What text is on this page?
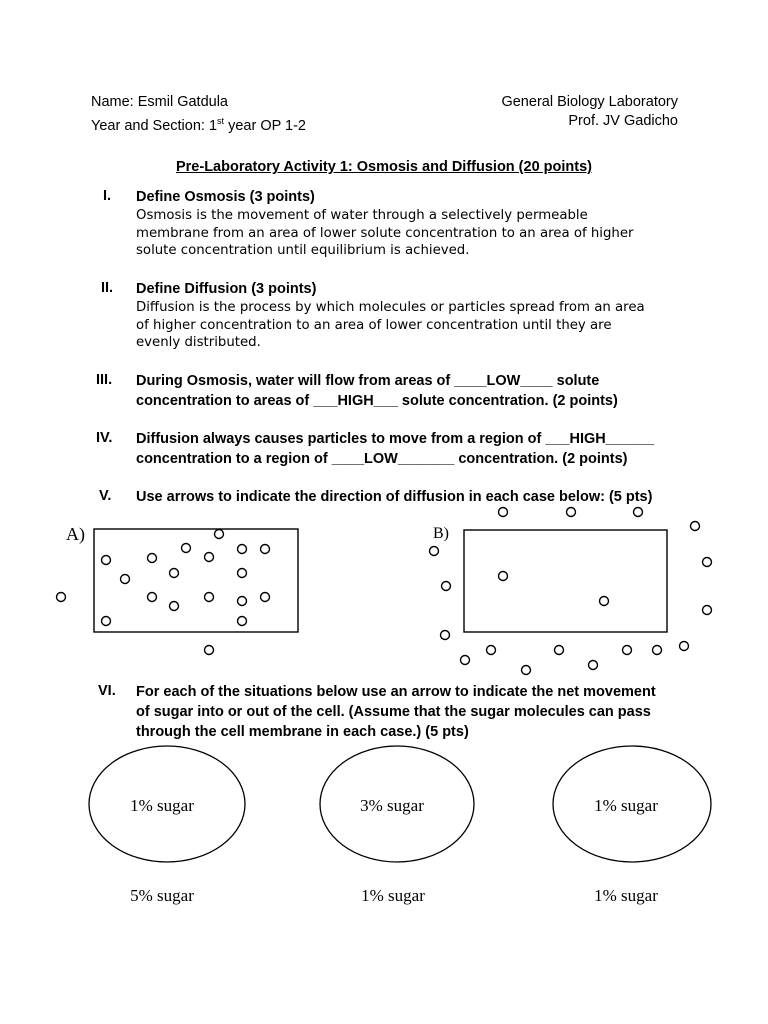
Name: Esmil Gatdula
Year and Section: 1st year OP 1-2
General Biology Laboratory
Prof. JV Gadicho
Pre-Laboratory Activity 1: Osmosis and Diffusion (20 points)
I.	Define Osmosis (3 points)
Osmosis is the movement of water through a selectively permeable
membrane from an area of lower solute concentration to an area of higher
solute concentration until equilibrium is achieved.
II.	Define Diffusion (3 points)
Diffusion is the process by which molecules or particles spread from an area
of higher concentration to an area of lower concentration until they are
evenly distributed.
III.	During Osmosis, water will flow from areas of ____LOW____ solute
concentration to areas of ___HIGH___ solute concentration. (2 points)
IV.	Diffusion always causes particles to move from a region of ___HIGH______
concentration to a region of ____LOW_______ concentration. (2 points)
V.	Use arrows to indicate the direction of diffusion in each case below: (5 pts)
A)	B)
VI.	For each of the situations below use an arrow to indicate the net movement
of sugar into or out of the cell. (Assume that the sugar molecules can pass
through the cell membrane in each case.) (5 pts)
1% sugar	3% sugar	1% sugar
5% sugar	1% sugar	1% sugar
